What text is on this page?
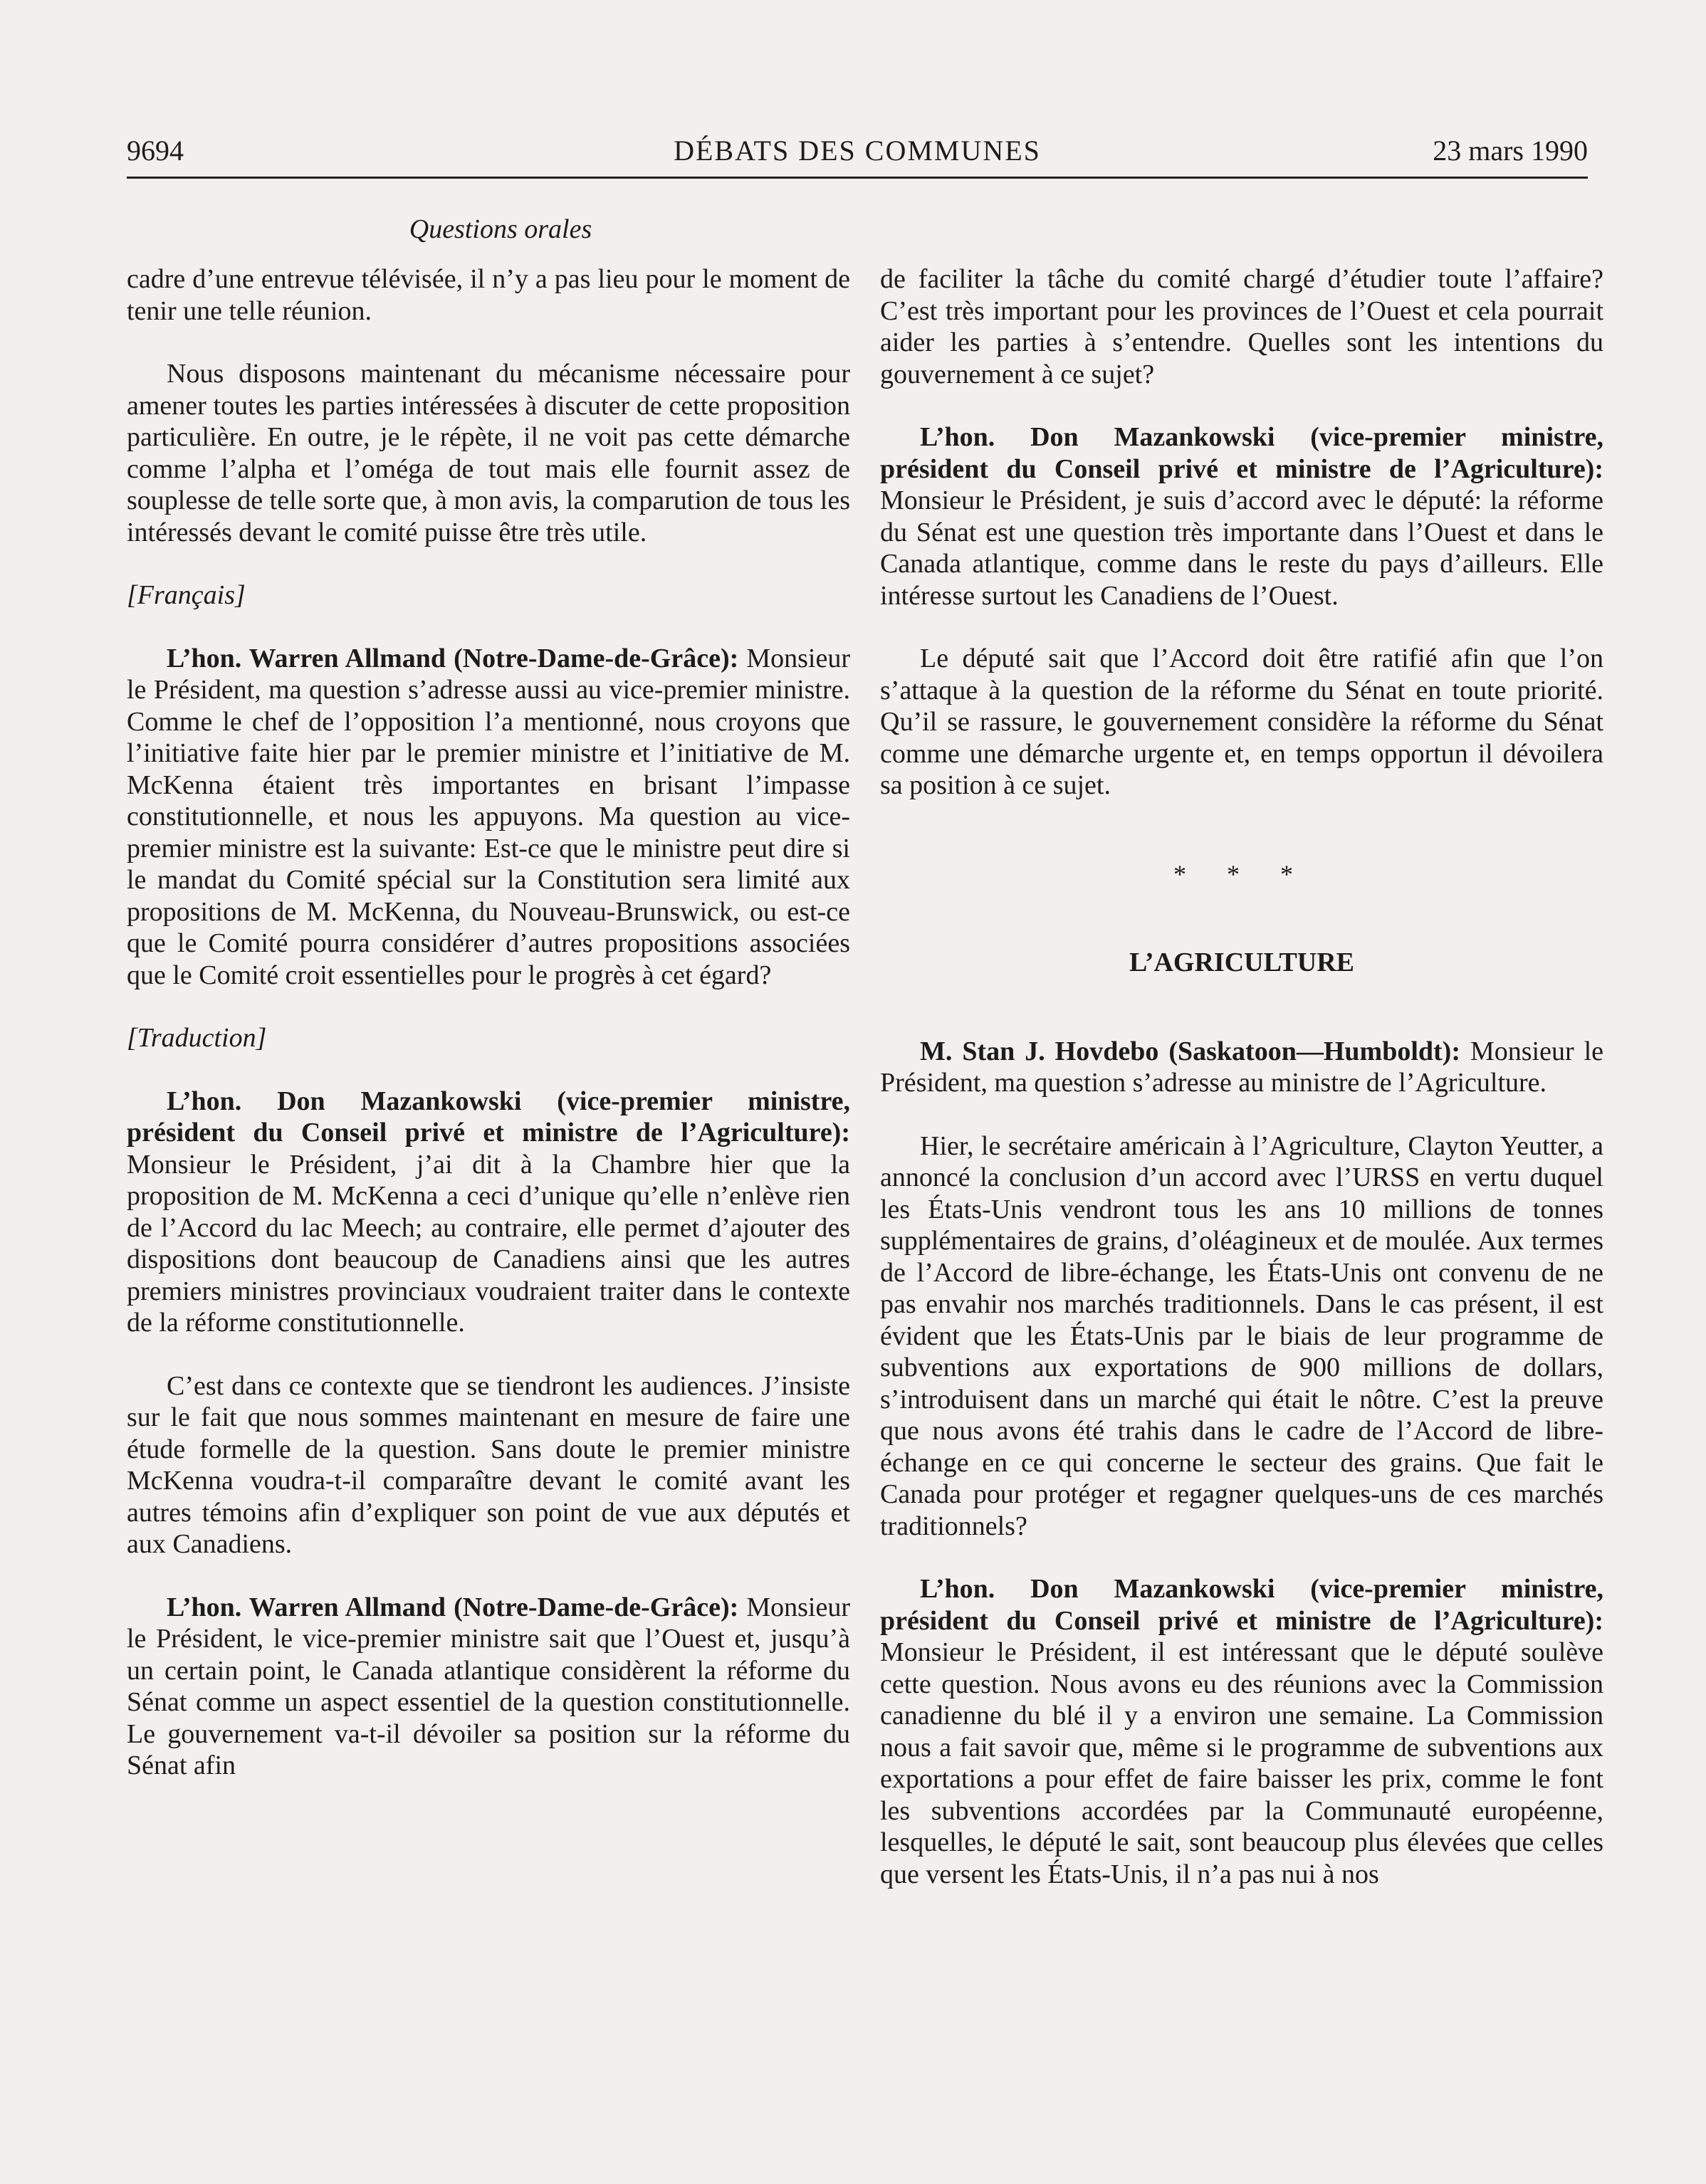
9694	DÉBATS DES COMMUNES	23 mars 1990
Questions orales

cadre d’une entrevue télévisée, il n’y a pas lieu pour le moment de tenir une telle réunion.

Nous disposons maintenant du mécanisme nécessaire pour amener toutes les parties intéressées à discuter de cette proposition particulière. En outre, je le répète, il ne voit pas cette démarche comme l’alpha et l’oméga de tout mais elle fournit assez de souplesse de telle sorte que, à mon avis, la comparution de tous les intéressés devant le comité puisse être très utile.

[Français]

L’hon. Warren Allmand (Notre-Dame-de-Grâce): Monsieur le Président, ma question s’adresse aussi au vice-premier ministre. Comme le chef de l’opposition l’a mentionné, nous croyons que l’initiative faite hier par le premier ministre et l’initiative de M. McKenna étaient très importantes en brisant l’impasse constitutionnelle, et nous les appuyons. Ma question au vice-premier ministre est la suivante: Est-ce que le ministre peut dire si le mandat du Comité spécial sur la Constitution sera limité aux propositions de M. McKenna, du Nouveau-Brunswick, ou est-ce que le Comité pourra considérer d’autres propositions associées que le Comité croit essentielles pour le progrès à cet égard?

[Traduction]

L’hon. Don Mazankowski (vice-premier ministre, président du Conseil privé et ministre de l’Agriculture): Monsieur le Président, j’ai dit à la Chambre hier que la proposition de M. McKenna a ceci d’unique qu’elle n’enlève rien de l’Accord du lac Meech; au contraire, elle permet d’ajouter des dispositions dont beaucoup de Canadiens ainsi que les autres premiers ministres provinciaux voudraient traiter dans le contexte de la réforme constitutionnelle.

C’est dans ce contexte que se tiendront les audiences. J’insiste sur le fait que nous sommes maintenant en mesure de faire une étude formelle de la question. Sans doute le premier ministre McKenna voudra-t-il comparaître devant le comité avant les autres témoins afin d’expliquer son point de vue aux députés et aux Canadiens.

L’hon. Warren Allmand (Notre-Dame-de-Grâce): Monsieur le Président, le vice-premier ministre sait que l’Ouest et, jusqu’à un certain point, le Canada atlantique considèrent la réforme du Sénat comme un aspect essentiel de la question constitutionnelle. Le gouvernement va-t-il dévoiler sa position sur la réforme du Sénat afin

de faciliter la tâche du comité chargé d’étudier toute l’affaire? C’est très important pour les provinces de l’Ouest et cela pourrait aider les parties à s’entendre. Quelles sont les intentions du gouvernement à ce sujet?

L’hon. Don Mazankowski (vice-premier ministre, président du Conseil privé et ministre de l’Agriculture): Monsieur le Président, je suis d’accord avec le député: la réforme du Sénat est une question très importante dans l’Ouest et dans le Canada atlantique, comme dans le reste du pays d’ailleurs. Elle intéresse surtout les Canadiens de l’Ouest.

Le député sait que l’Accord doit être ratifié afin que l’on s’attaque à la question de la réforme du Sénat en toute priorité. Qu’il se rassure, le gouvernement considère la réforme du Sénat comme une démarche urgente et, en temps opportun il dévoilera sa position à ce sujet.

* * *
L’AGRICULTURE

M. Stan J. Hovdebo (Saskatoon—Humboldt): Monsieur le Président, ma question s’adresse au ministre de l’Agriculture.

Hier, le secrétaire américain à l’Agriculture, Clayton Yeutter, a annoncé la conclusion d’un accord avec l’URSS en vertu duquel les États-Unis vendront tous les ans 10 millions de tonnes supplémentaires de grains, d’oléagineux et de moulée. Aux termes de l’Accord de libre-échange, les États-Unis ont convenu de ne pas envahir nos marchés traditionnels. Dans le cas présent, il est évident que les États-Unis par le biais de leur programme de subventions aux exportations de 900 millions de dollars, s’introduisent dans un marché qui était le nôtre. C’est la preuve que nous avons été trahis dans le cadre de l’Accord de libre-échange en ce qui concerne le secteur des grains. Que fait le Canada pour protéger et regagner quelques-uns de ces marchés traditionnels?

L’hon. Don Mazankowski (vice-premier ministre, président du Conseil privé et ministre de l’Agriculture): Monsieur le Président, il est intéressant que le député soulève cette question. Nous avons eu des réunions avec la Commission canadienne du blé il y a environ une semaine. La Commission nous a fait savoir que, même si le programme de subventions aux exportations a pour effet de faire baisser les prix, comme le font les subventions accordées par la Communauté européenne, lesquelles, le député le sait, sont beaucoup plus élevées que celles que versent les États-Unis, il n’a pas nui à nos
